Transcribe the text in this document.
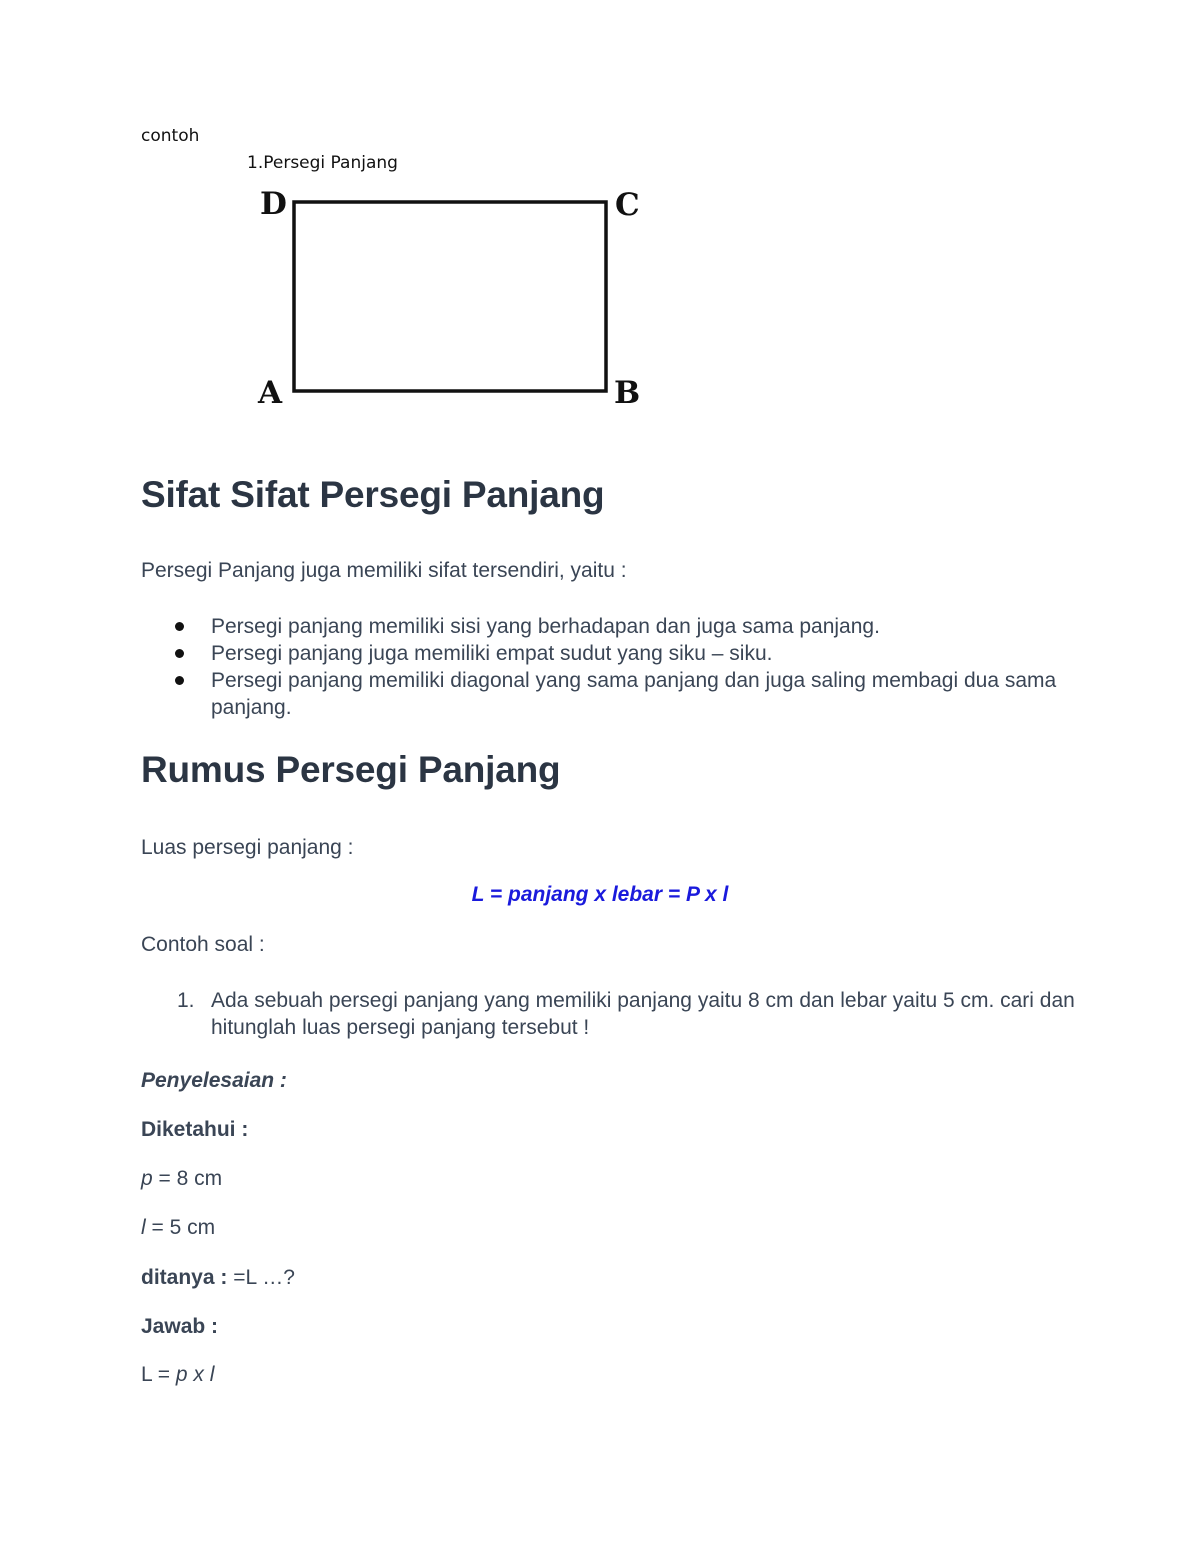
contoh
1.Persegi Panjang
D	C
A	B
Sifat Sifat Persegi Panjang
Persegi Panjang juga memiliki sifat tersendiri, yaitu :
Persegi panjang memiliki sisi yang berhadapan dan juga sama panjang.
Persegi panjang juga memiliki empat sudut yang siku – siku.
Persegi panjang memiliki diagonal yang sama panjang dan juga saling membagi dua sama panjang.
Rumus Persegi Panjang
Luas persegi panjang :
L = panjang x lebar = P x l
Contoh soal :
1. Ada sebuah persegi panjang yang memiliki panjang yaitu 8 cm dan lebar yaitu 5 cm. cari dan hitunglah luas persegi panjang tersebut !
Penyelesaian :
Diketahui :
p = 8 cm
l = 5 cm
ditanya : =L …?
Jawab :
L = p x l
